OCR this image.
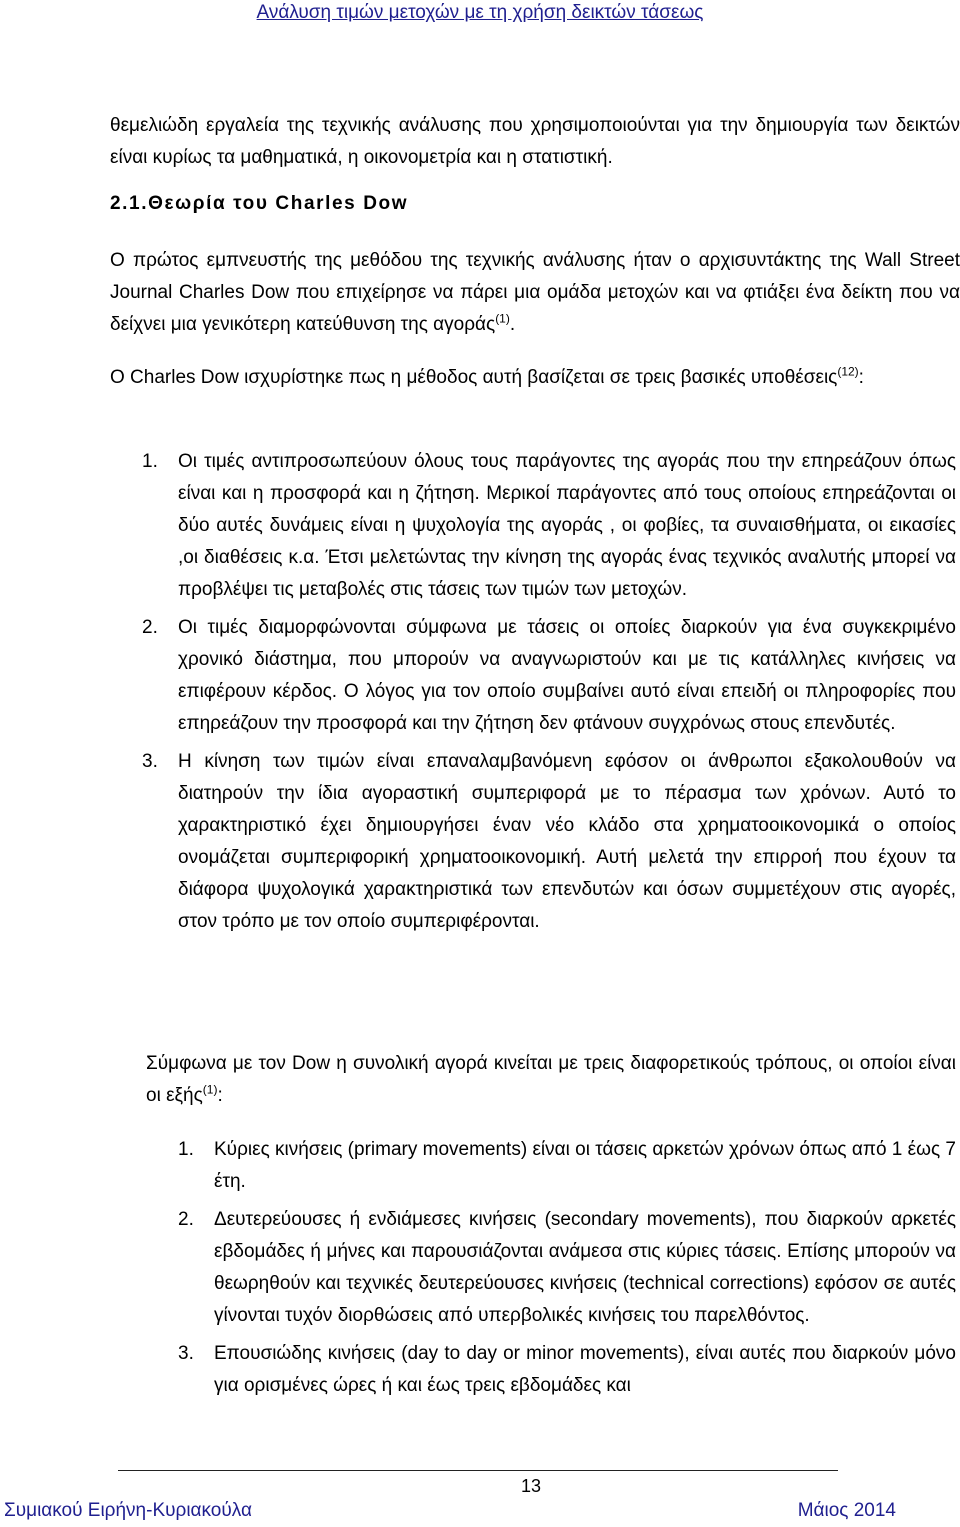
Ανάλυση τιμών μετοχών με τη χρήση δεικτών τάσεως
θεμελιώδη εργαλεία της τεχνικής ανάλυσης που χρησιμοποιούνται για την δημιουργία των δεικτών είναι κυρίως τα μαθηματικά, η οικονομετρία και η στατιστική.
2.1.Θεωρία του Charles Dow
Ο πρώτος εμπνευστής της μεθόδου της τεχνικής ανάλυσης ήταν ο αρχισυντάκτης της Wall Street Journal Charles Dow που επιχείρησε να πάρει μια ομάδα μετοχών και να φτιάξει ένα δείκτη που να δείχνει μια γενικότερη κατεύθυνση της αγοράς$^{(1)}$.
Ο Charles Dow ισχυρίστηκε πως η μέθοδος αυτή βασίζεται σε τρεις βασικές υποθέσεις$^{(12)}$:
1. Οι τιμές αντιπροσωπεύουν όλους τους παράγοντες της αγοράς που την επηρεάζουν όπως είναι και η προσφορά και η ζήτηση. Μερικοί παράγοντες από τους οποίους επηρεάζονται οι δύο αυτές δυνάμεις είναι η ψυχολογία της αγοράς , οι φοβίες, τα συναισθήματα, οι εικασίες ,οι διαθέσεις κ.α. Έτσι μελετώντας την κίνηση της αγοράς ένας τεχνικός αναλυτής μπορεί να προβλέψει τις μεταβολές στις τάσεις των τιμών των μετοχών.
2. Οι τιμές διαμορφώνονται σύμφωνα με τάσεις οι οποίες διαρκούν για ένα συγκεκριμένο χρονικό διάστημα, που μπορούν να αναγνωριστούν και με τις κατάλληλες κινήσεις να επιφέρουν κέρδος. Ο λόγος για τον οποίο συμβαίνει αυτό είναι επειδή οι πληροφορίες που επηρεάζουν την προσφορά και την ζήτηση δεν φτάνουν συγχρόνως στους επενδυτές.
3. Η κίνηση των τιμών είναι επαναλαμβανόμενη εφόσον οι άνθρωποι εξακολουθούν να διατηρούν την ίδια αγοραστική συμπεριφορά με το πέρασμα των χρόνων. Αυτό το χαρακτηριστικό έχει δημιουργήσει έναν νέο κλάδο στα χρηματοοικονομικά ο οποίος ονομάζεται συμπεριφορική χρηματοοικονομική. Αυτή μελετά την επιρροή που έχουν τα διάφορα ψυχολογικά χαρακτηριστικά των επενδυτών και όσων συμμετέχουν στις αγορές, στον τρόπο με τον οποίο συμπεριφέρονται.
Σύμφωνα με τον Dow η συνολική αγορά κινείται με τρεις διαφορετικούς τρόπους, οι οποίοι είναι οι εξής$^{(1)}$:
1. Κύριες κινήσεις (primary movements) είναι οι τάσεις αρκετών χρόνων όπως από 1 έως 7 έτη.
2. Δευτερεύουσες ή ενδιάμεσες κινήσεις (secondary movements), που διαρκούν αρκετές εβδομάδες ή μήνες και παρουσιάζονται ανάμεσα στις κύριες τάσεις. Επίσης μπορούν να θεωρηθούν και τεχνικές δευτερεύουσες κινήσεις (technical corrections) εφόσον σε αυτές γίνονται τυχόν διορθώσεις από υπερβολικές κινήσεις του παρελθόντος.
3. Επουσιώδης κινήσεις (day to day or minor movements), είναι αυτές που διαρκούν μόνο για ορισμένες ώρες ή και έως τρεις εβδομάδες και
13
Συμιακού Ειρήνη-Κυριακούλα	Μάιος 2014
